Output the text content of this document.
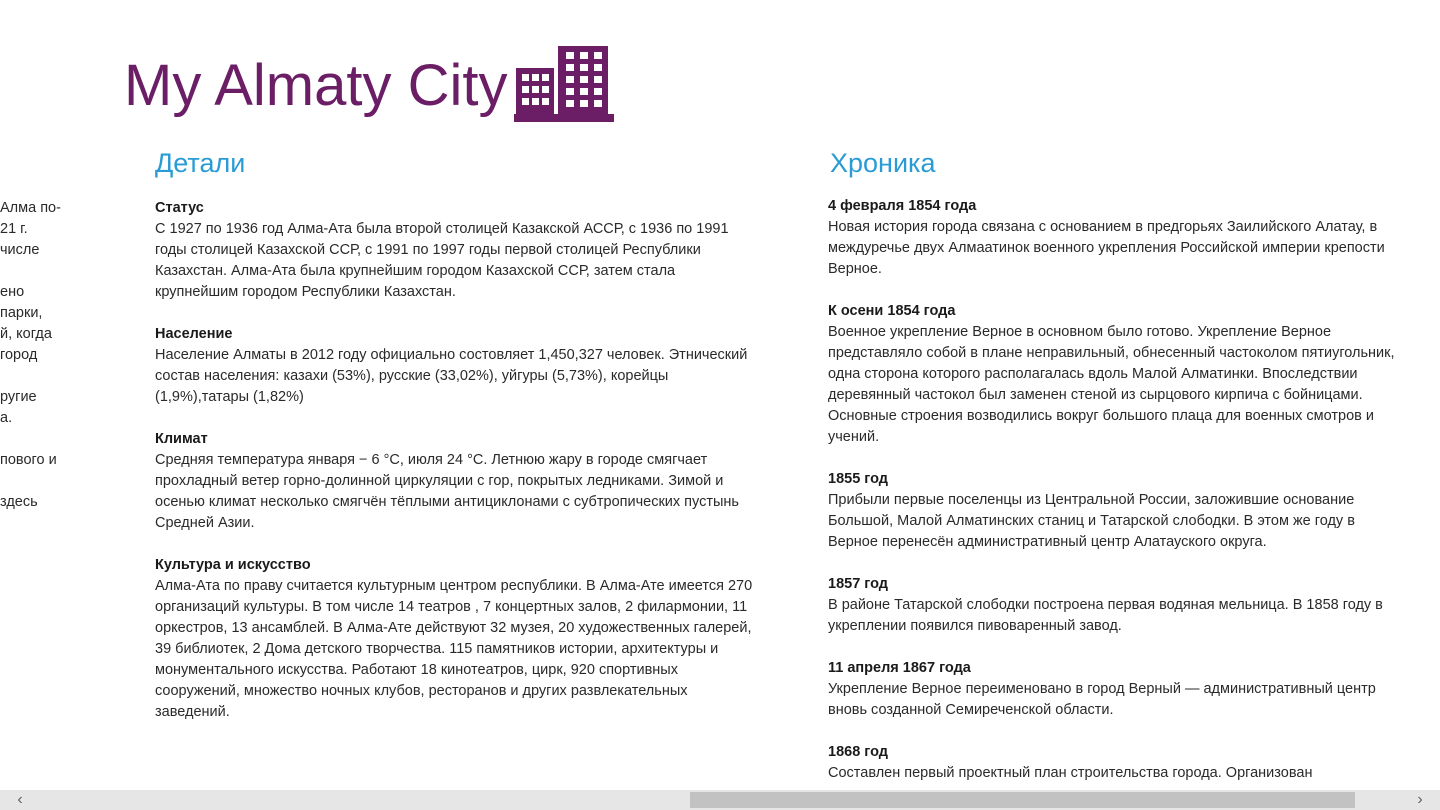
Алма по-
21 г.
числе
ено
парки,
й, когда
город
ругие
а.
пового и
здесь
My Almaty City
Детали	Хроника
Статус
С 1927 по 1936 год Алма-Ата была второй столицей Казакской АССР, с 1936 по 1991 годы столицей Казахской ССР, с 1991 по 1997 годы первой столицей Республики Казахстан. Алма-Ата была крупнейшим городом Казахской ССР, затем стала крупнейшим городом Республики Казахстан.
Население
Население Алматы в 2012 году официально состовляет 1,450,327 человек. Этнический состав населения: казахи (53%), русские (33,02%), уйгуры (5,73%), корейцы (1,9%),татары (1,82%)
Климат
Средняя температура января − 6 °C, июля 24 °C. Летнюю жару в городе смягчает прохладный ветер горно-долинной циркуляции с гор, покрытых ледниками. Зимой и осенью климат несколько смягчён тёплыми антициклонами с субтропических пустынь Средней Азии.
Культура и искусство
Алма-Ата по праву считается культурным центром республики. В Алма-Ате имеется 270 организаций культуры. В том числе 14 театров , 7 концертных залов, 2 филармонии, 11 оркестров, 13 ансамблей. В Алма-Ате действуют 32 музея, 20 художественных галерей, 39 библиотек, 2 Дома детского творчества. 115 памятников истории, архитектуры и монументального искусства. Работают 18 кинотеатров, цирк, 920 спортивных сооружений, множество ночных клубов, ресторанов и других развлекательных заведений.
4 февраля 1854 года
Новая история города связана с основанием в предгорьях Заилийского Алатау, в междуречье двух Алмаатинок военного укрепления Российской империи крепости Верное.
К осени 1854 года
Военное укрепление Верное в основном было готово. Укрепление Верное представляло собой в плане неправильный, обнесенный частоколом пятиугольник, одна сторона которого располагалась вдоль Малой Алматинки. Впоследствии деревянный частокол был заменен стеной из сырцового кирпича с бойницами. Основные строения возводились вокруг большого плаца для военных смотров и учений.
1855 год
Прибыли первые поселенцы из Центральной России, заложившие основание Большой, Малой Алматинских станиц и Татарской слободки. В этом же году в Верное перенесён административный центр Алатауского округа.
1857 год
В районе Татарской слободки построена первая водяная мельница. В 1858 году в укреплении появился пивоваренный завод.
11 апреля 1867 года
Укрепление Верное переименовано в город Верный — административный центр вновь созданной Семиреченской области.
1868 год
Составлен первый проектный план строительства города. Организован
‹	›
